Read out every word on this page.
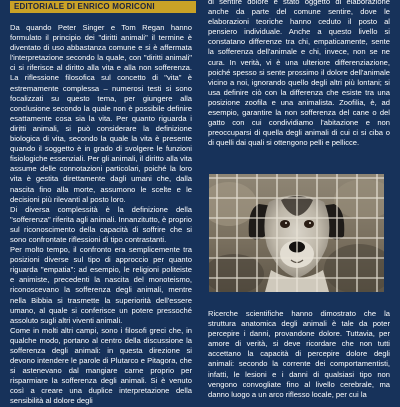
EDITORIALE DI ENRICO MORICONI

Da quando Peter Singer e Tom Regan hanno formulato il principio dei "diritti animali" il termine è diventato di uso abbastanza comune e si è affermata l'interpretazione secondo la quale, con "diritti animali" ci si riferisce al diritto alla vita e alla non sofferenza. La riflessione filosofica sul concetto di "vita" è estremamente complessa – numerosi testi si sono focalizzati su questo tema, per giungere alla conclusione secondo la quale non è possibile definire esattamente cosa sia la vita. Per quanto riguarda i diritti animali, si può considerare la definizione biologica di vita, secondo la quale la vita è presente quando il soggetto è in grado di svolgere le funzioni fisiologiche essenziali. Per gli animali, il diritto alla vita assume delle connotazioni particolari, poiché la loro vita è gestita direttamente dagli umani che, dalla nascita fino alla morte, assumono le scelte e le decisioni più rilevanti al posto loro.

Di diversa complessità è la definizione della "sofferenza" riferita agli animali. Innanzitutto, è proprio sul riconoscimento della capacità di soffrire che si sono confrontate riflessioni di tipo contrastanti.

Per molto tempo, il confronto era semplicemente tra posizioni diverse sul tipo di approccio per quanto riguarda "empatia": ad esempio, le religioni politeiste e animiste, precedenti la nascita del monoteismo, riconoscevano la sofferenza degli animali, mentre nella Bibbia si trasmette la superiorità dell'essere umano, al quale si conferisce un potere pressoché assoluto sugli altri viventi animali.

Come in molti altri campi, sono i filosofi greci che, in qualche modo, portano al centro della discussione la sofferenza degli animali: in questa direzione si devono intendere le parole di Plutarco e Pitagora, che si astenevano dal mangiare carne proprio per risparmiare la sofferenza degli animali. Si è venuto così a creare una duplice interpretazione della sensibilità al dolore degli

di sentire dolore è stato oggetto di elaborazione anche da parte del comune sentire, dove le elaborazioni teoriche hanno ceduto il posto al pensiero individuale. Anche a questo livello si constatano differenze tra chi, empaticamente, sente la sofferenza dell'animale e chi, invece, non se ne cura. In verità, vi è una ulteriore differenziazione, poiché spesso si sente prossimo il dolore dell'animale vicino a noi, ignorando quello degli altri più lontani; si usa definire ciò con la differenza che esiste tra una posizione zoofila e una animalista. Zoofilia, è, ad esempio, garantire la non sofferenza del cane o del gatto con cui condividiamo l'abitazione e non preoccuparsi di quella degli animali di cui ci si ciba o di quelli dai quali si ottengono pelli e pellicce.

Ricerche scientifiche hanno dimostrato che la struttura anatomica degli animali è tale da poter percepire i danni, provandone dolore. Tuttavia, per amore di verità, si deve ricordare che non tutti accettano la capacità di percepire dolore degli animali: secondo la corrente dei comportamentisti, infatti, le lesioni e i danni di qualsiasi tipo non vengono convogliate fino al livello cerebrale, ma danno luogo a un arco riflesso locale, per cui la
